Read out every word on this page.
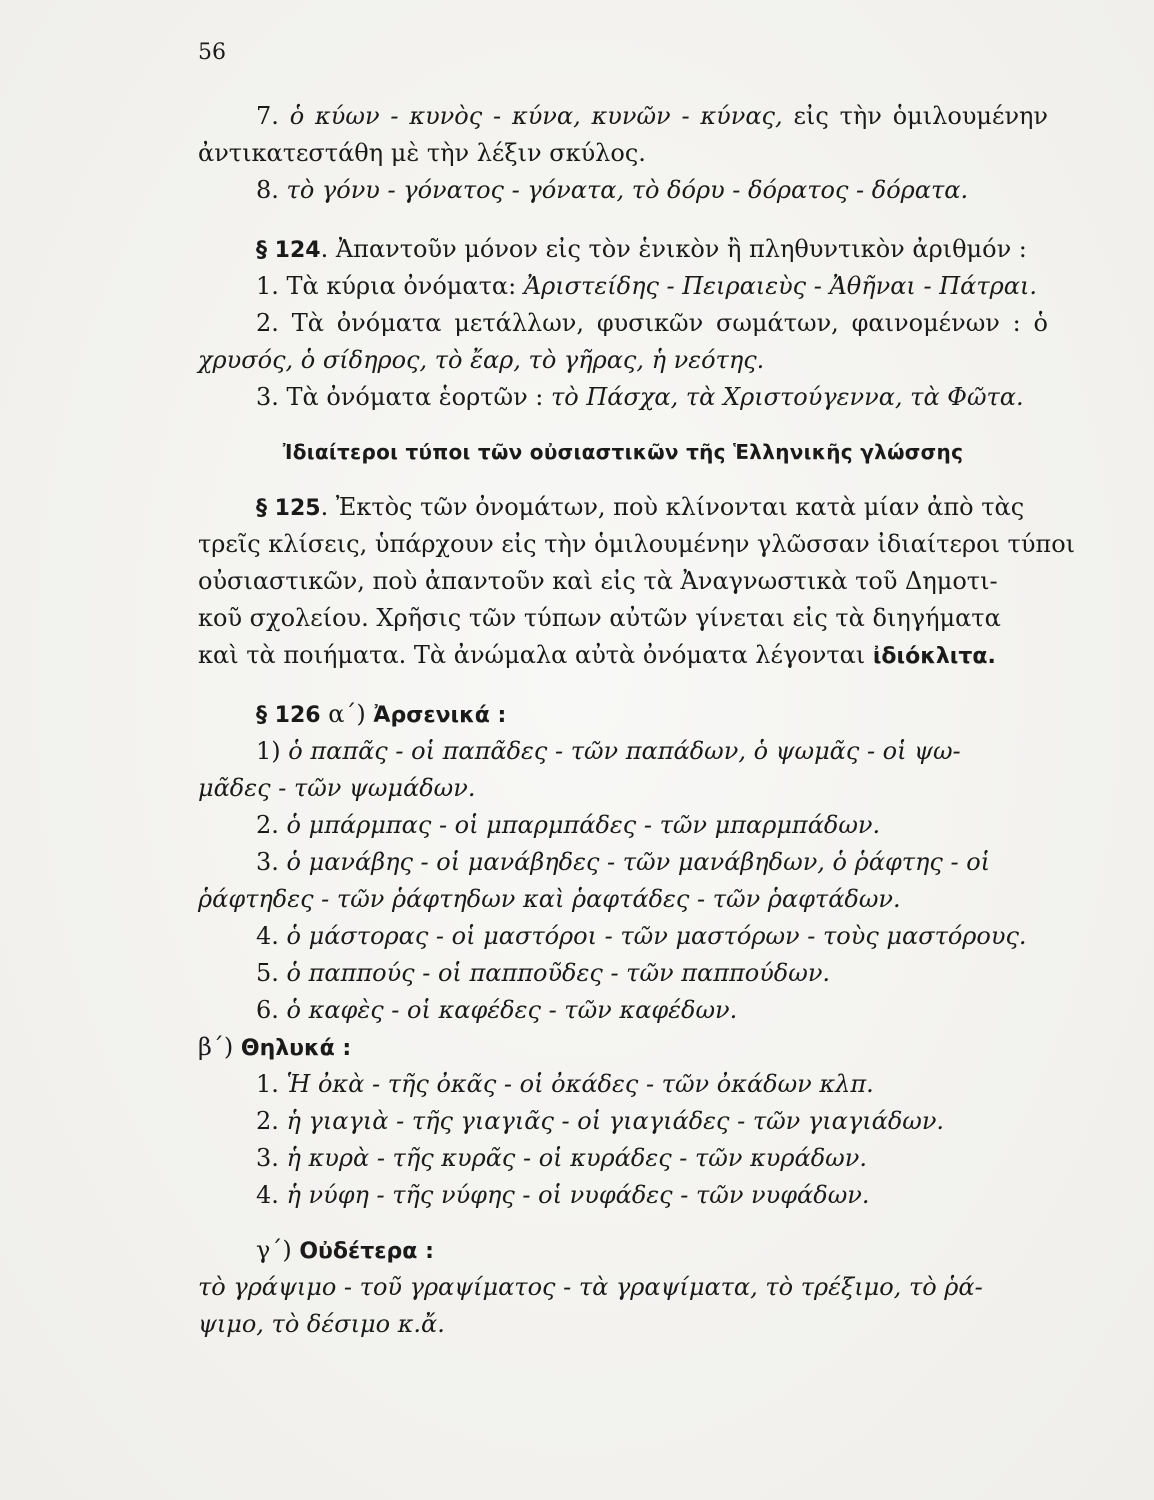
56
7. ὁ κύων - κυνὸς - κύνα, κυνῶν - κύνας, εἰς τὴν ὁμιλουμένην
ἀντικατεστάθη μὲ τὴν λέξιν σκύλος.
8. τὸ γόνυ - γόνατος - γόνατα, τὸ δόρυ - δόρατος - δόρατα.
§ 124. Ἀπαντοῦν μόνον εἰς τὸν ἑνικὸν ἢ πληθυντικὸν ἀριθμόν :
1. Τὰ κύρια ὀνόματα: Ἀριστείδης - Πειραιεὺς - Ἀθῆναι - Πάτραι.
2. Τὰ ὀνόματα μετάλλων, φυσικῶν σωμάτων, φαινομένων : ὁ
χρυσός, ὁ σίδηρος, τὸ ἔαρ, τὸ γῆρας, ἡ νεότης.
3. Τὰ ὀνόματα ἑορτῶν : τὸ Πάσχα, τὰ Χριστούγεννα, τὰ Φῶτα.
Ἰδιαίτεροι τύποι τῶν οὐσιαστικῶν τῆς Ἑλληνικῆς γλώσσης
§ 125. Ἐκτὸς τῶν ὀνομάτων, ποὺ κλίνονται κατὰ μίαν ἀπὸ τὰς
τρεῖς κλίσεις, ὑπάρχουν εἰς τὴν ὁμιλουμένην γλῶσσαν ἰδιαίτεροι τύποι
οὐσιαστικῶν, ποὺ ἀπαντοῦν καὶ εἰς τὰ Ἀναγνωστικὰ τοῦ Δημοτι-
κοῦ σχολείου. Χρῆσις τῶν τύπων αὐτῶν γίνεται εἰς τὰ διηγήματα
καὶ τὰ ποιήματα. Τὰ ἀνώμαλα αὐτὰ ὀνόματα λέγονται ἰδιόκλιτα.
§ 126 α΄) Ἀρσενικά :
1) ὁ παπᾶς - οἱ παπᾶδες - τῶν παπάδων, ὁ ψωμᾶς - οἱ ψω-
μᾶδες - τῶν ψωμάδων.
2. ὁ μπάρμπας - οἱ μπαρμπάδες - τῶν μπαρμπάδων.
3. ὁ μανάβης - οἱ μανάβηδες - τῶν μανάβηδων, ὁ ῥάφτης - οἱ
ῥάφτηδες - τῶν ῥάφτηδων καὶ ῥαφτάδες - τῶν ῥαφτάδων.
4. ὁ μάστορας - οἱ μαστόροι - τῶν μαστόρων - τοὺς μαστόρους.
5. ὁ παππούς - οἱ παπποῦδες - τῶν παππούδων.
6. ὁ καφὲς - οἱ καφέδες - τῶν καφέδων.
β΄) Θηλυκά :
1. Ἡ ὀκὰ - τῆς ὀκᾶς - οἱ ὀκάδες - τῶν ὀκάδων κλπ.
2. ἡ γιαγιὰ - τῆς γιαγιᾶς - οἱ γιαγιάδες - τῶν γιαγιάδων.
3. ἡ κυρὰ - τῆς κυρᾶς - οἱ κυράδες - τῶν κυράδων.
4. ἡ νύφη - τῆς νύφης - οἱ νυφάδες - τῶν νυφάδων.
γ΄) Οὐδέτερα :
τὸ γράψιμο - τοῦ γραψίματος - τὰ γραψίματα, τὸ τρέξιμο, τὸ ῥά-
ψιμο, τὸ δέσιμο κ.ἄ.
